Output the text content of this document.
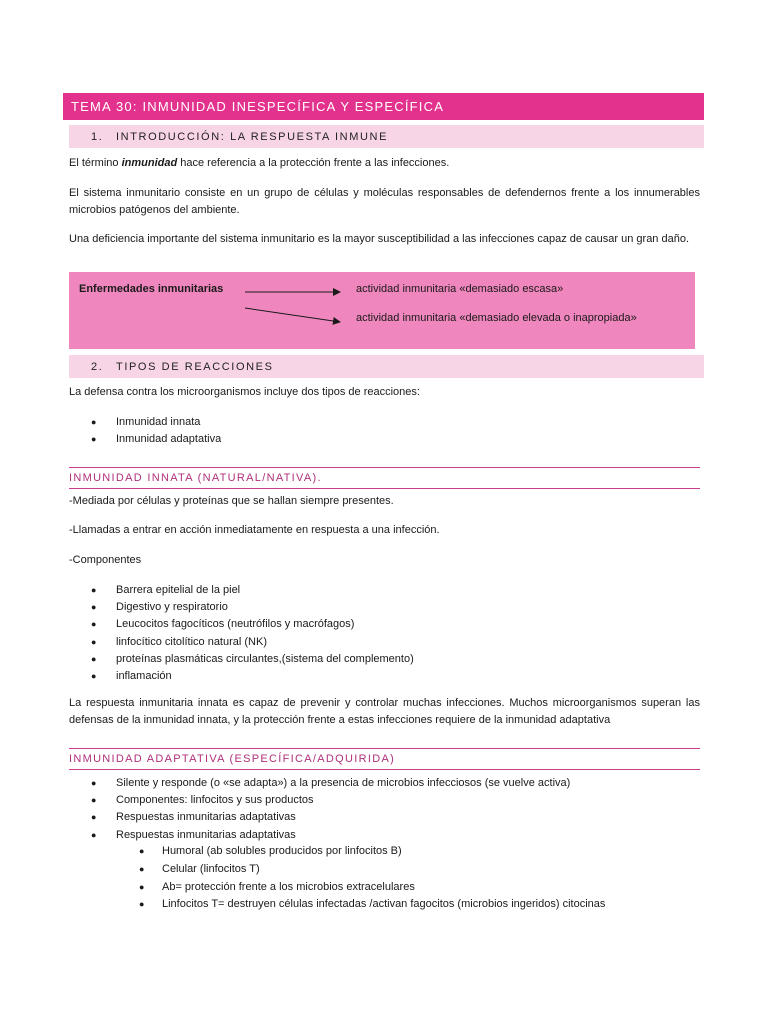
TEMA 30: INMUNIDAD INESPECÍFICA Y ESPECÍFICA
1.	INTRODUCCIÓN: LA RESPUESTA INMUNE
El término inmunidad hace referencia a la protección frente a las infecciones.
El sistema inmunitario consiste en un grupo de células y moléculas responsables de defendernos frente a los innumerables microbios patógenos del ambiente.
Una deficiencia importante del sistema inmunitario es la mayor susceptibilidad a las infecciones capaz de causar un gran daño.
Enfermedades inmunitarias	actividad inmunitaria «demasiado escasa»
actividad inmunitaria «demasiado elevada o inapropiada»
2.	TIPOS DE REACCIONES
La defensa contra los microorganismos incluye dos tipos de reacciones:
● Inmunidad innata
● Inmunidad adaptativa
INMUNIDAD INNATA (NATURAL/NATIVA).
-Mediada por células y proteínas que se hallan siempre presentes.
-Llamadas a entrar en acción inmediatamente en respuesta a una infección.
-Componentes
● Barrera epitelial de la piel
● Digestivo y respiratorio
● Leucocitos fagocíticos (neutrófilos y macrófagos)
● linfocítico citolítico natural (NK)
● proteínas plasmáticas circulantes,(sistema del complemento)
● inflamación
La respuesta inmunitaria innata es capaz de prevenir y controlar muchas infecciones. Muchos microorganismos superan las defensas de la inmunidad innata, y la protección frente a estas infecciones requiere de la inmunidad adaptativa
INMUNIDAD ADAPTATIVA (ESPECÍFICA/ADQUIRIDA)
● Silente y responde (o «se adapta») a la presencia de microbios infecciosos (se vuelve activa)
● Componentes: linfocitos y sus productos
● Respuestas inmunitarias adaptativas
● Respuestas inmunitarias adaptativas
● Humoral (ab solubles producidos por linfocitos B)
● Celular (linfocitos T)
● Ab= protección frente a los microbios extracelulares
● Linfocitos T= destruyen células infectadas /activan fagocitos (microbios ingeridos) citocinas
